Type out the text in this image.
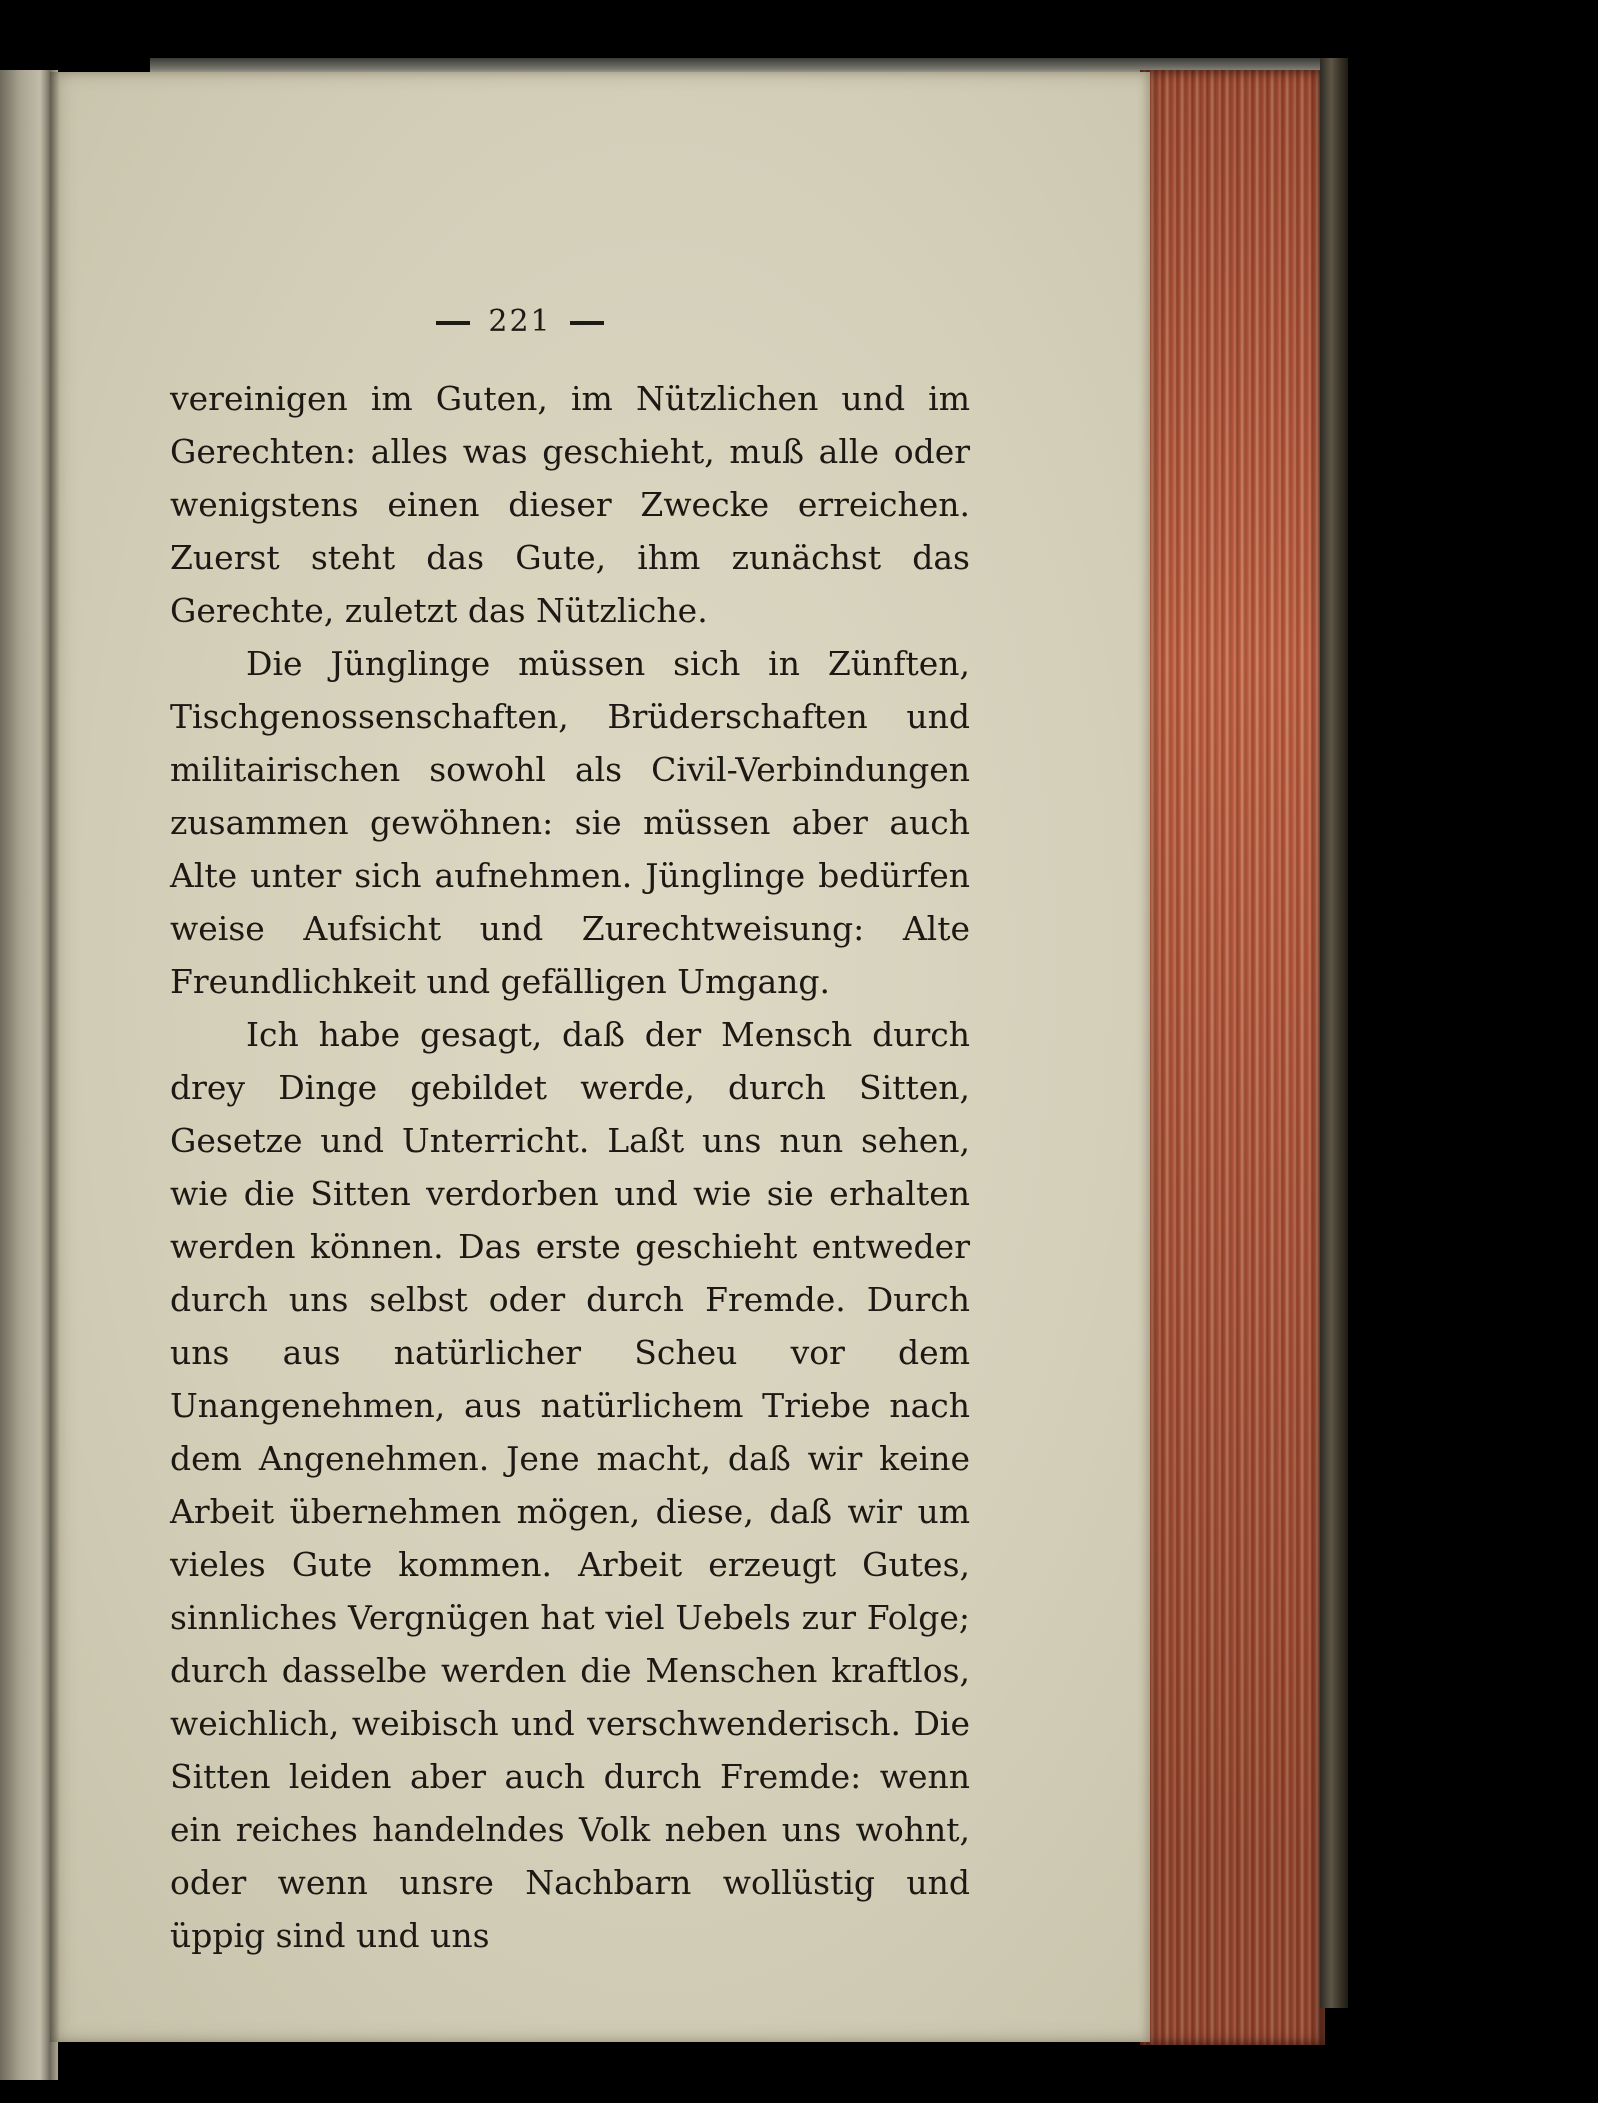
221

vereinigen im Guten, im Nützlichen und im Gerechten: alles was geschieht, muß alle oder wenigstens einen dieser Zwecke erreichen. Zuerst steht das Gute, ihm zunächst das Gerechte, zuletzt das Nützliche.

Die Jünglinge müssen sich in Zünften, Tischgenossenschaften, Brüderschaften und militairischen sowohl als Civil-Verbindungen zusammen gewöhnen: sie müssen aber auch Alte unter sich aufnehmen. Jünglinge bedürfen weise Aufsicht und Zurechtweisung: Alte Freundlichkeit und gefälligen Umgang.

Ich habe gesagt, daß der Mensch durch drey Dinge gebildet werde, durch Sitten, Gesetze und Unterricht. Laßt uns nun sehen, wie die Sitten verdorben und wie sie erhalten werden können. Das erste geschieht entweder durch uns selbst oder durch Fremde. Durch uns aus natürlicher Scheu vor dem Unangenehmen, aus natürlichem Triebe nach dem Angenehmen. Jene macht, daß wir keine Arbeit übernehmen mögen, diese, daß wir um vieles Gute kommen. Arbeit erzeugt Gutes, sinnliches Vergnügen hat viel Uebels zur Folge; durch dasselbe werden die Menschen kraftlos, weichlich, weibisch und verschwenderisch. Die Sitten leiden aber auch durch Fremde: wenn ein reiches handelndes Volk neben uns wohnt, oder wenn unsre Nachbarn wollüstig und üppig sind und uns
